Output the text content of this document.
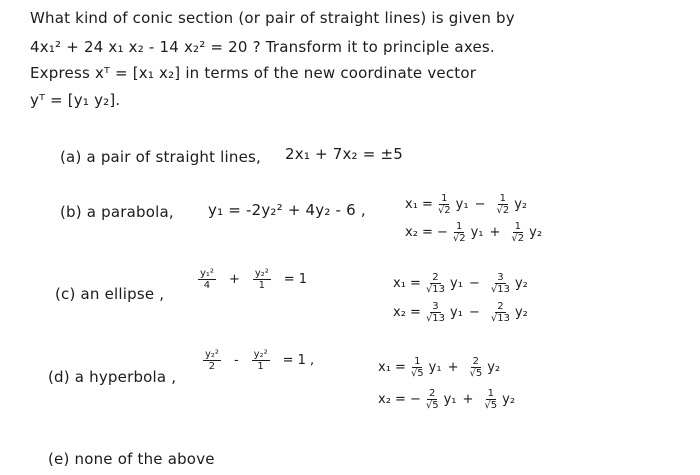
What kind of conic section (or pair of straight lines) is given by
4x₁² + 24 x₁ x₂ - 14 x₂² = 20 ? Transform it to principle axes.
Express xᵀ = [x₁ x₂] in terms of the new coordinate vector
yᵀ = [y₁ y₂].
(a) a pair of straight lines, 2x₁ + 7x₂ = ±5
(b) a parabola, y₁ = -2y₂² + 4y₂ - 6 ,	$x_1 = \frac{1}{√2} y_1 - \frac{1}{√2} y_2$
x₂ = − $\frac{1}{√2} y_1 + \frac{1}{√2} y_2$
(c) an ellipse ,
$\frac{\text{y₁²}}{4} + \frac{\text{y₂²}}{1} = 1$	$x_1 = \frac{2}{√13} y_1 - \frac{3}{√13} y_2$
$x_2 = \frac{3}{√13} y_1 - \frac{2}{√13} y_2$
(d) a hyperbola ,
$\frac{\text{y₂²}}{2} - \frac{\text{y₂²}}{1} = 1$ ,	$x_1 = \frac{1}{√5} y_1 + \frac{2}{√5} y_2$
x₂ = − $\frac{2}{√5} y_1 + \frac{1}{√5} y_2$
(e) none of the above
